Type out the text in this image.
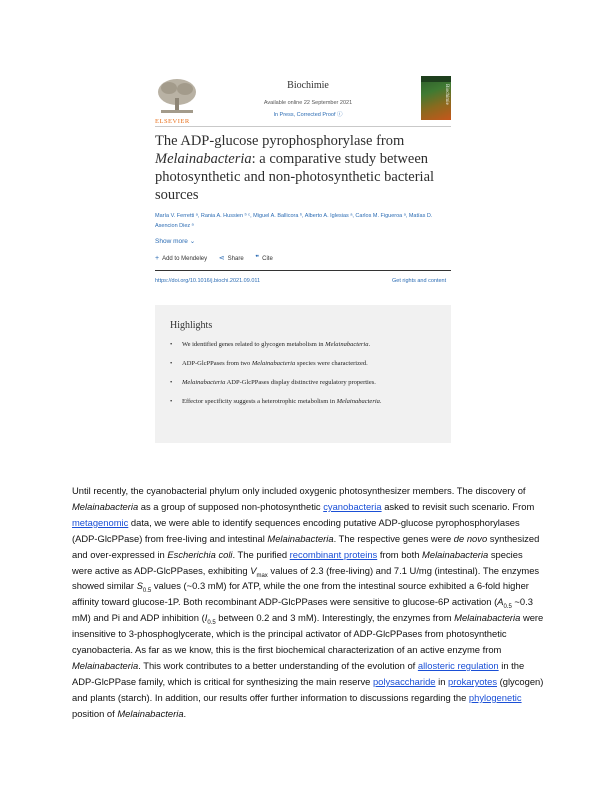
ELSEVIER
Biochimie
Available online 22 September 2021
In Press, Corrected Proof ⓘ
Biochimie
The ADP-glucose pyrophosphorylase from Melainabacteria: a comparative study between photosynthetic and non-photosynthetic bacterial sources
María V. Ferretti ᵃ, Rania A. Hussien ᵇ ᶜ, Miguel A. Ballicora ᵇ, Alberto A. Iglesias ᵃ, Carlos M. Figueroa ᵃ, Matías D. Asencion Diez ᵃ
Show more ⌄
+ Add to Mendeley ⋖ Share ❞ Cite
https://doi.org/10.1016/j.biochi.2021.09.011	Get rights and content
Highlights
• We identified genes related to glycogen metabolism in Melainabacteria.
• ADP-GlcPPases from two Melainabacteria species were characterized.
• Melainabacteria ADP-GlcPPases display distinctive regulatory properties.
• Effector specificity suggests a heterotrophic metabolism in Melainabacteria.

Until recently, the cyanobacterial phylum only included oxygenic photosynthesizer members. The discovery of Melainabacteria as a group of supposed non-photosynthetic cyanobacteria asked to revisit such scenario. From metagenomic data, we were able to identify sequences encoding putative ADP-glucose pyrophosphorylases (ADP-GlcPPase) from free-living and intestinal Melainabacteria. The respective genes were de novo synthesized and over-expressed in Escherichia coli. The purified recombinant proteins from both Melainabacteria species were active as ADP-GlcPPases, exhibiting $V_{max}$ values of 2.3 (free-living) and 7.1 U/mg (intestinal). The enzymes showed similar $S_{0.5}$ values (~0.3 mM) for ATP, while the one from the intestinal source exhibited a 6-fold higher affinity toward glucose-1P. Both recombinant ADP-GlcPPases were sensitive to glucose-6P activation ($A_{0.5}$ ~0.3 mM) and Pi and ADP inhibition ($I_{0.5}$ between 0.2 and 3 mM). Interestingly, the enzymes from Melainabacteria were insensitive to 3-phosphoglycerate, which is the principal activator of ADP-GlcPPases from photosynthetic cyanobacteria. As far as we know, this is the first biochemical characterization of an active enzyme from Melainabacteria. This work contributes to a better understanding of the evolution of allosteric regulation in the ADP-GlcPPase family, which is critical for synthesizing the main reserve polysaccharide in prokaryotes (glycogen) and plants (starch). In addition, our results offer further information to discussions regarding the phylogenetic position of Melainabacteria.
